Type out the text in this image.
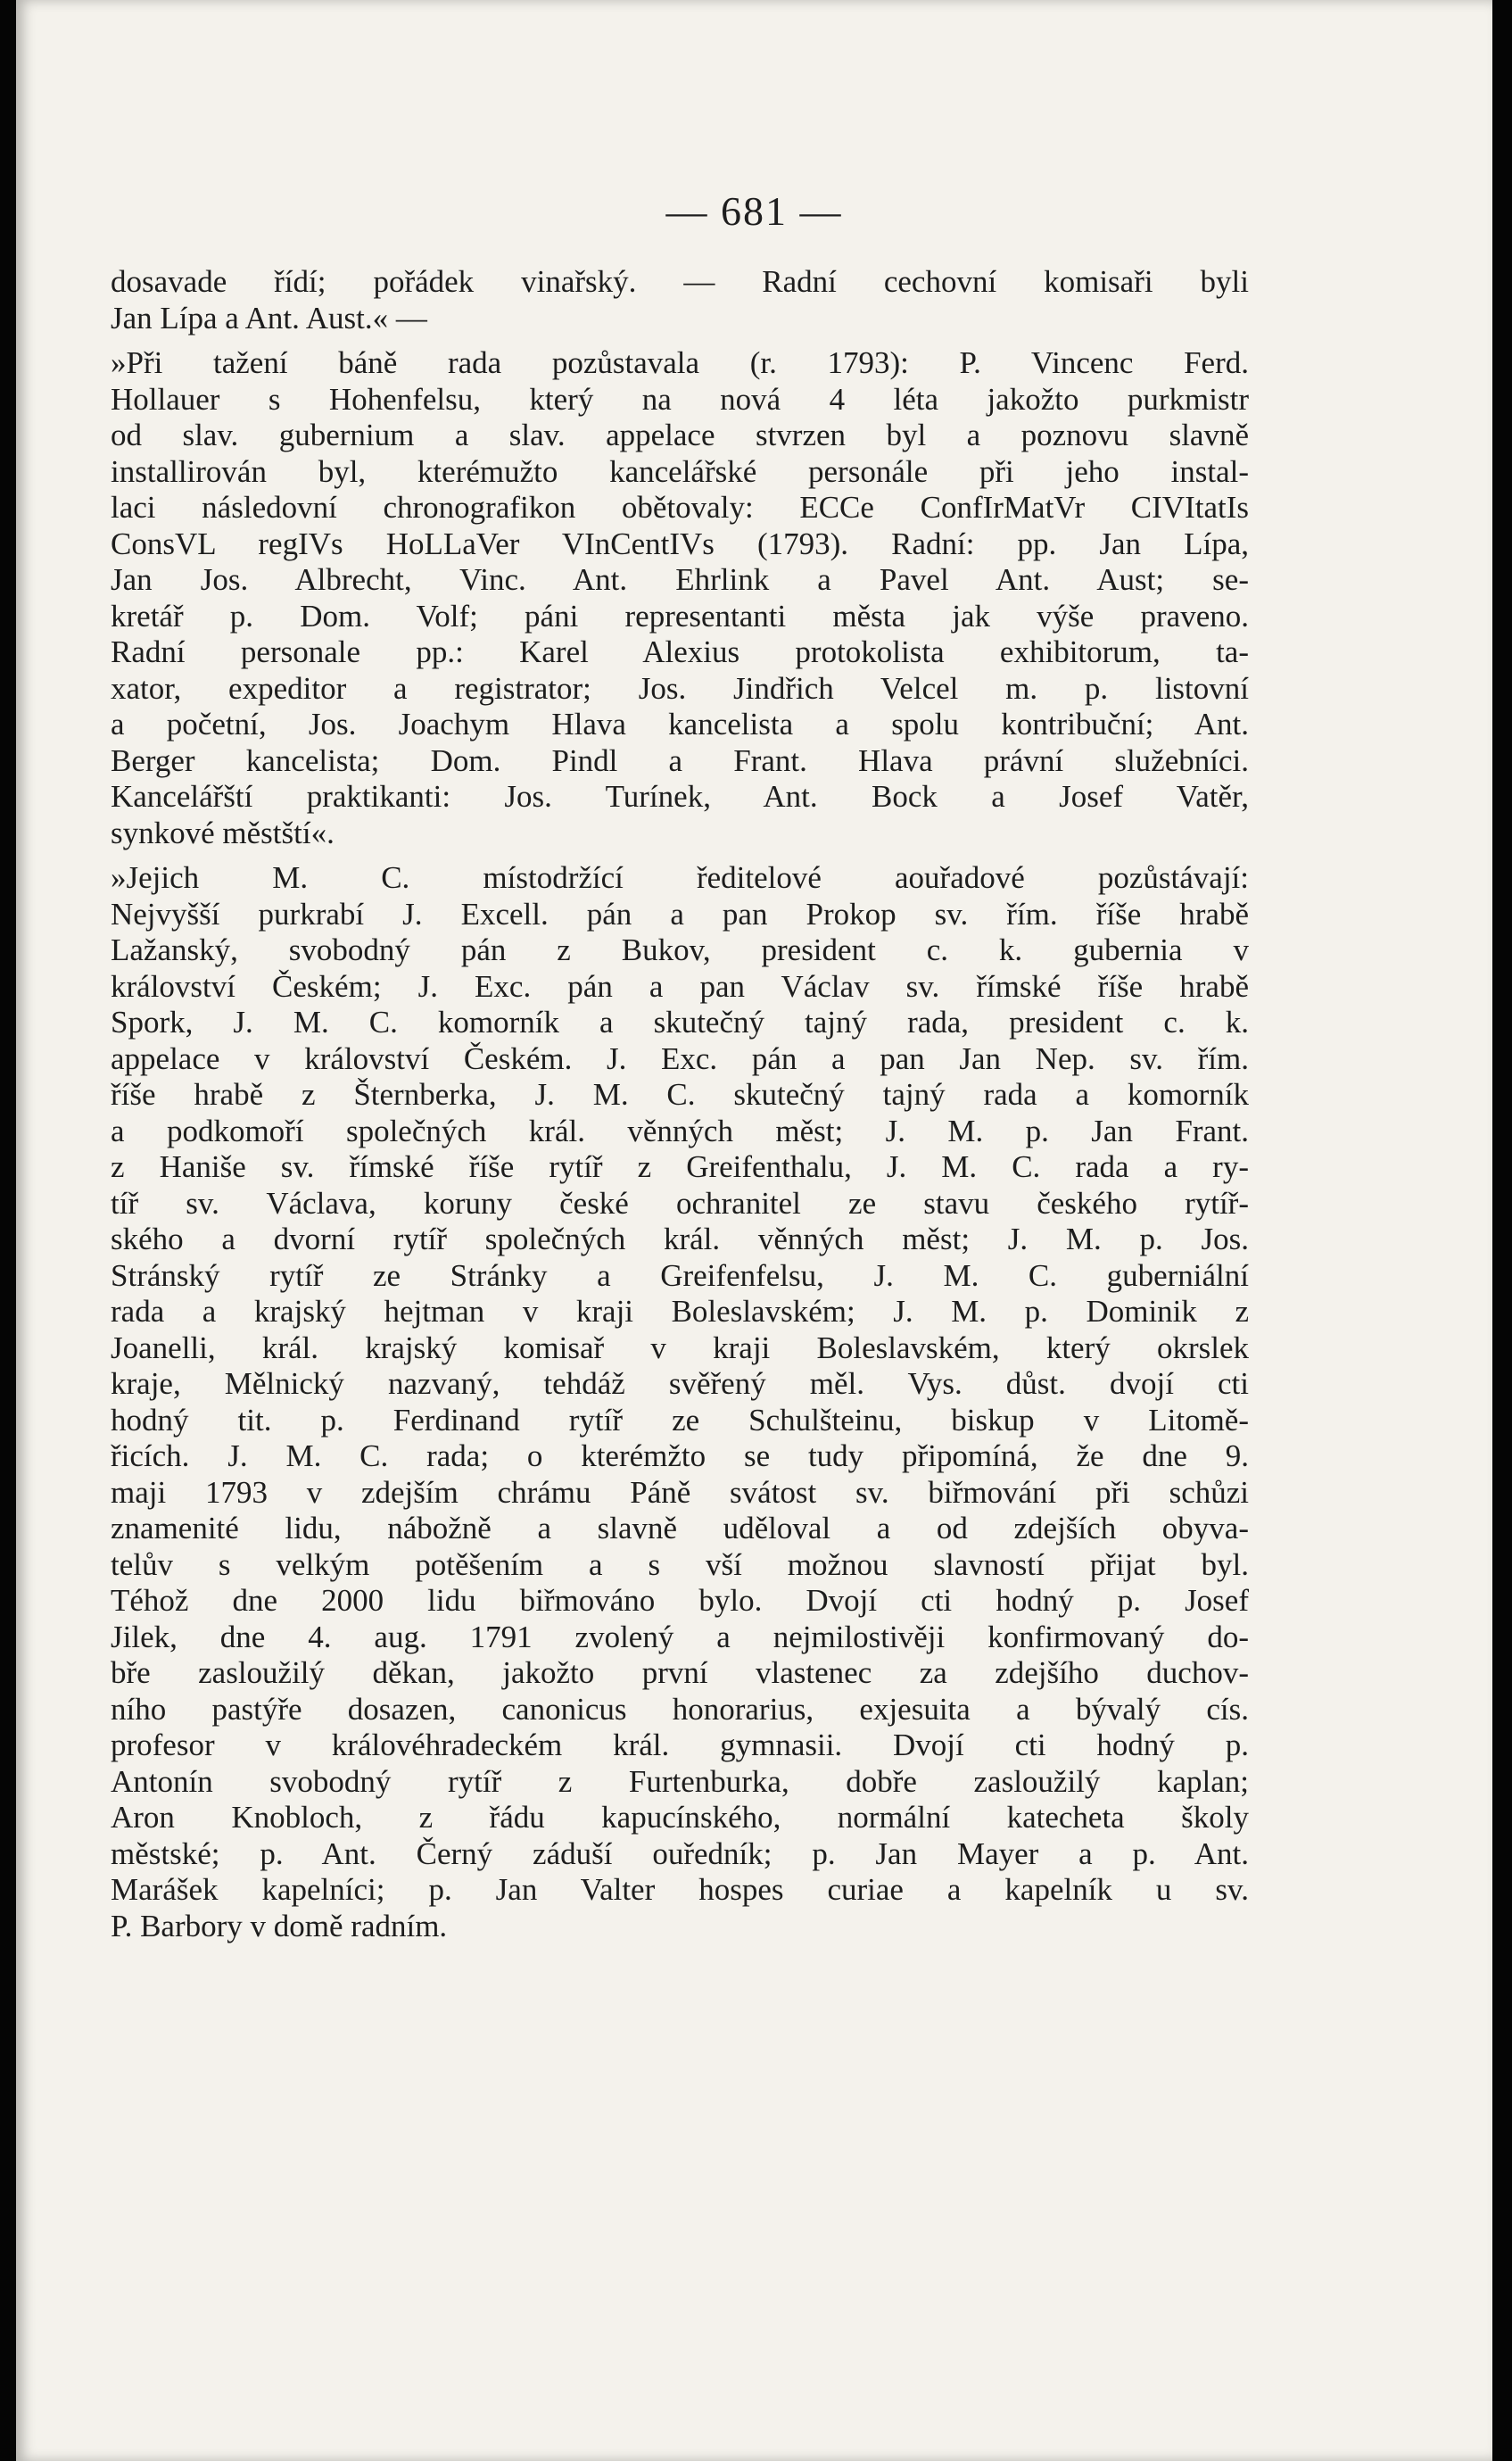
— 681 —
dosavade řídí; pořádek vinařský. — Radní cechovní komisaři byli
Jan Lípa a Ant. Aust.« —
»Při tažení báně rada pozůstavala (r. 1793): P. Vincenc Ferd.
Hollauer s Hohenfelsu, který na nová 4 léta jakožto purkmistr
od slav. gubernium a slav. appelace stvrzen byl a poznovu slavně
installirován byl, kterémužto kancelářské personále při jeho instal-
laci následovní chronografikon obětovaly: ECCe ConfIrMatVr CIVItatIs
ConsVL regIVs HoLLaVer VInCentIVs (1793). Radní: pp. Jan Lípa,
Jan Jos. Albrecht, Vinc. Ant. Ehrlink a Pavel Ant. Aust; se-
kretář p. Dom. Volf; páni representanti města jak výše praveno.
Radní personale pp.: Karel Alexius protokolista exhibitorum, ta-
xator, expeditor a registrator; Jos. Jindřich Velcel m. p. listovní
a početní, Jos. Joachym Hlava kancelista a spolu kontribuční; Ant.
Berger kancelista; Dom. Pindl a Frant. Hlava právní služebníci.
Kancelářští praktikanti: Jos. Turínek, Ant. Bock a Josef Vatěr,
synkové městští«.
»Jejich M. C. místodržící ředitelové aouřadové pozůstávají:
Nejvyšší purkrabí J. Excell. pán a pan Prokop sv. řím. říše hrabě
Lažanský, svobodný pán z Bukov, president c. k. gubernia v
království Českém; J. Exc. pán a pan Václav sv. římské říše hrabě
Spork, J. M. C. komorník a skutečný tajný rada, president c. k.
appelace v království Českém. J. Exc. pán a pan Jan Nep. sv. řím.
říše hrabě z Šternberka, J. M. C. skutečný tajný rada a komorník
a podkomoří společných král. věnných měst; J. M. p. Jan Frant.
z Haniše sv. římské říše rytíř z Greifenthalu, J. M. C. rada a ry-
tíř sv. Václava, koruny české ochranitel ze stavu českého rytíř-
ského a dvorní rytíř společných král. věnných měst; J. M. p. Jos.
Stránský rytíř ze Stránky a Greifenfelsu, J. M. C. guberniální
rada a krajský hejtman v kraji Boleslavském; J. M. p. Dominik z
Joanelli, král. krajský komisař v kraji Boleslavském, který okrslek
kraje, Mělnický nazvaný, tehdáž svěřený měl. Vys. důst. dvojí cti
hodný tit. p. Ferdinand rytíř ze Schulšteinu, biskup v Litomě-
řicích. J. M. C. rada; o kterémžto se tudy připomíná, že dne 9.
maji 1793 v zdejším chrámu Páně svátost sv. biřmování při schůzi
znamenité lidu, nábožně a slavně uděloval a od zdejších obyva-
telův s velkým potěšením a s vší možnou slavností přijat byl.
Téhož dne 2000 lidu biřmováno bylo. Dvojí cti hodný p. Josef
Jilek, dne 4. aug. 1791 zvolený a nejmilostivěji konfirmovaný do-
bře zasloužilý děkan, jakožto první vlastenec za zdejšího duchov-
ního pastýře dosazen, canonicus honorarius, exjesuita a bývalý cís.
profesor v královéhradeckém král. gymnasii. Dvojí cti hodný p.
Antonín svobodný rytíř z Furtenburka, dobře zasloužilý kaplan;
Aron Knobloch, z řádu kapucínského, normální katecheta školy
městské; p. Ant. Černý záduší ouředník; p. Jan Mayer a p. Ant.
Marášek kapelníci; p. Jan Valter hospes curiae a kapelník u sv.
P. Barbory v domě radním.
